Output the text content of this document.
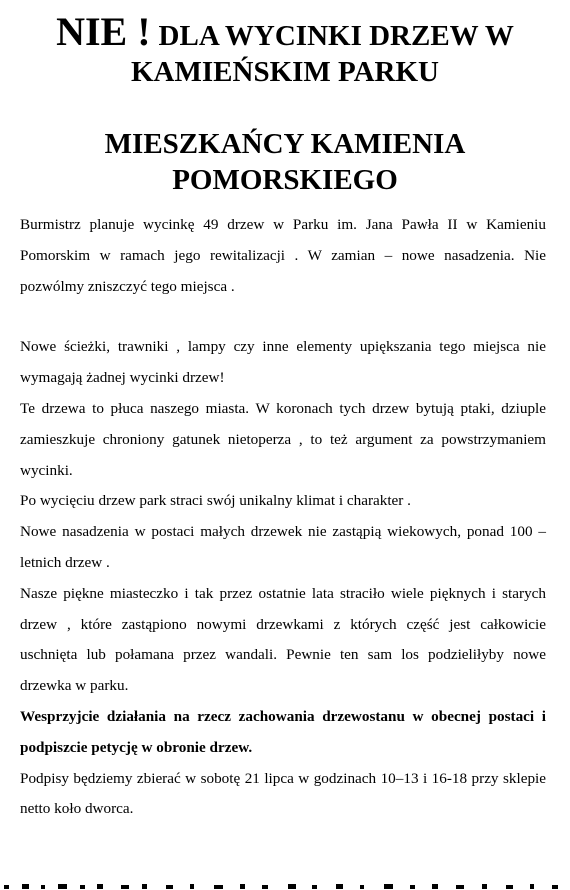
NIE ! DLA WYCINKI DRZEW W
KAMIEŃSKIM PARKU
MIESZKAŃCY KAMIENIA
POMORSKIEGO

Burmistrz planuje wycinkę 49 drzew w Parku im. Jana Pawła II w Kamieniu Pomorskim w ramach jego rewitalizacji . W zamian – nowe nasadzenia. Nie pozwólmy zniszczyć tego miejsca .

Nowe ścieżki, trawniki , lampy czy inne elementy upiększania tego miejsca nie wymagają żadnej wycinki drzew!

Te drzewa to płuca naszego miasta. W koronach tych drzew bytują ptaki, dziuple zamieszkuje chroniony gatunek nietoperza , to też argument za powstrzymaniem wycinki.

Po wycięciu drzew park straci swój unikalny klimat i charakter .

Nowe nasadzenia w postaci małych drzewek nie zastąpią wiekowych, ponad 100 – letnich drzew .

Nasze piękne miasteczko i tak przez ostatnie lata straciło wiele pięknych i starych drzew , które zastąpiono nowymi drzewkami z których część jest całkowicie uschnięta lub połamana przez wandali. Pewnie ten sam los podzieliłyby nowe drzewka w parku.

Wesprzyjcie działania na rzecz zachowania drzewostanu w obecnej postaci i podpiszcie petycję w obronie drzew.

Podpisy będziemy zbierać w sobotę 21 lipca w godzinach 10–13 i 16-18 przy sklepie netto koło dworca.
